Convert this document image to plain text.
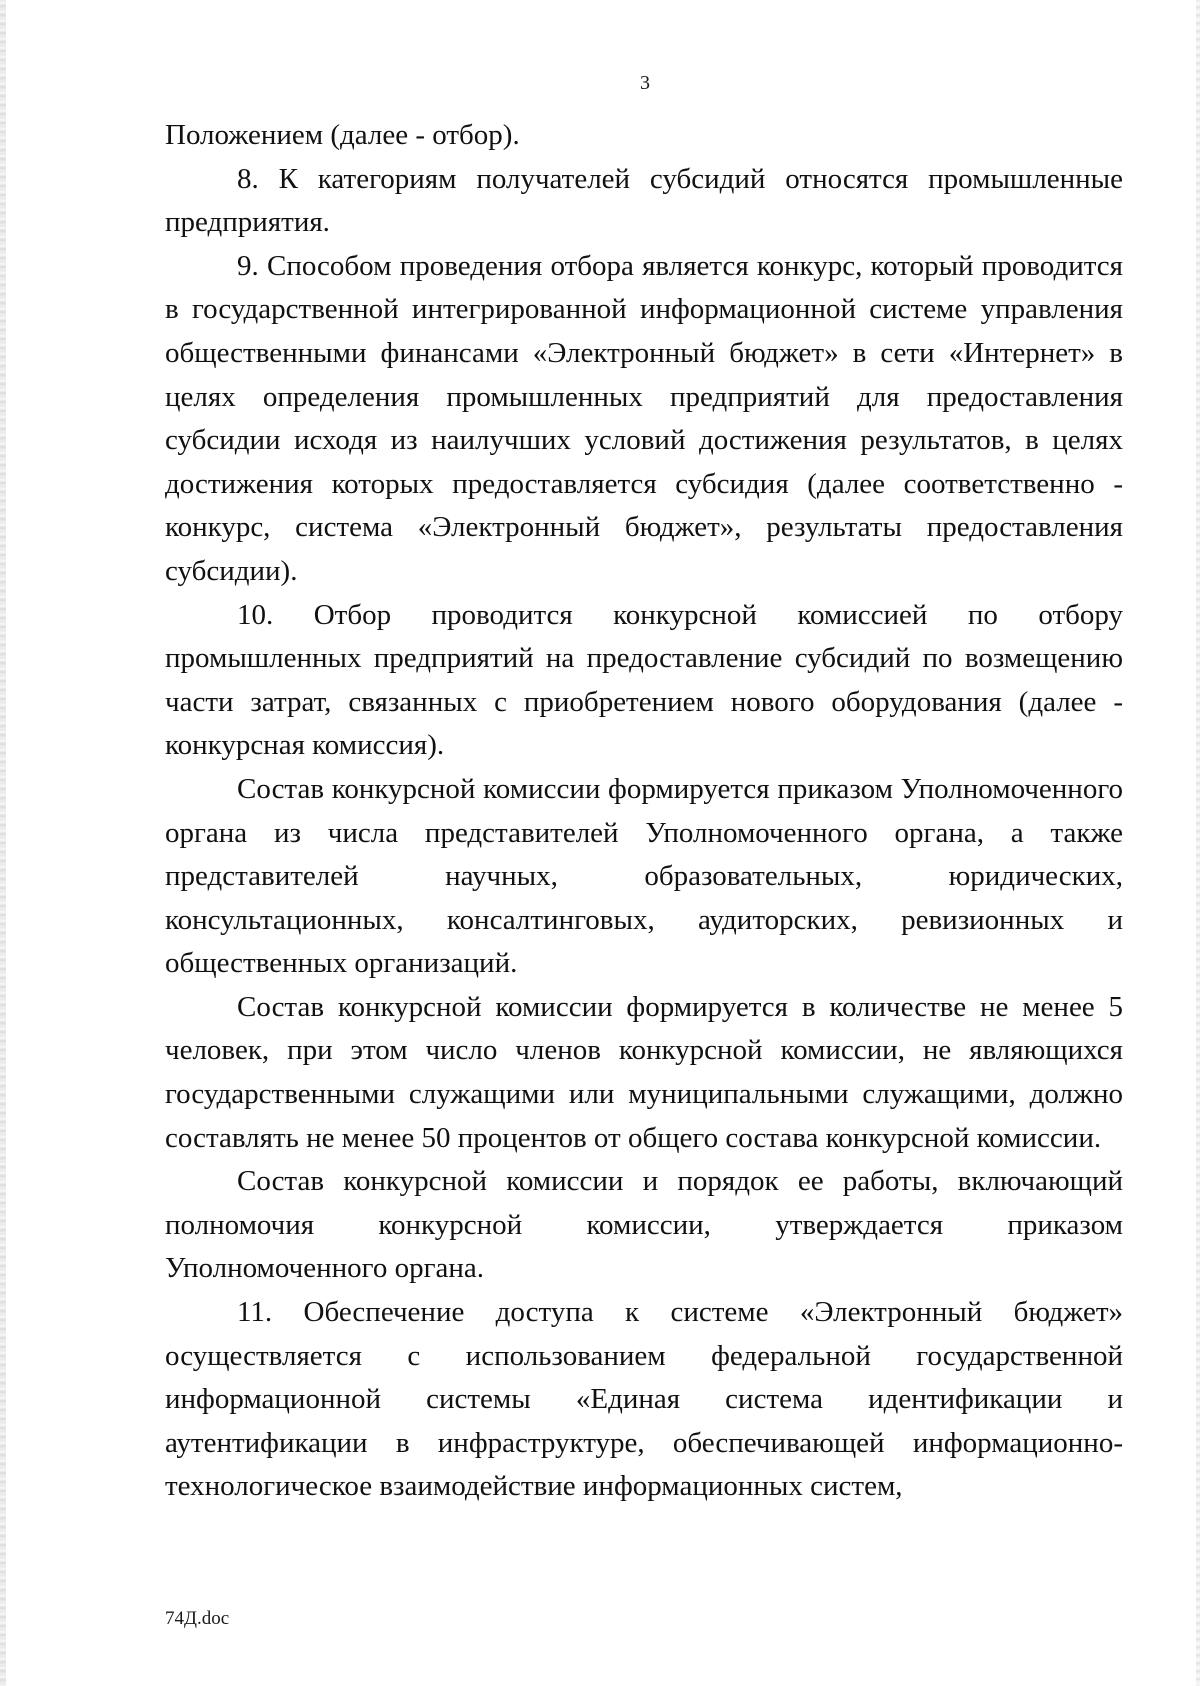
3

Положением (далее - отбор).

8. К категориям получателей субсидий относятся промышленные предприятия.

9. Способом проведения отбора является конкурс, который проводится в государственной интегрированной информационной системе управления общественными финансами «Электронный бюджет» в сети «Интернет» в целях определения промышленных предприятий для предоставления субсидии исходя из наилучших условий достижения результатов, в целях достижения которых предоставляется субсидия (далее соответственно - конкурс, система «Электронный бюджет», результаты предоставления субсидии).

10. Отбор проводится конкурсной комиссией по отбору промышленных предприятий на предоставление субсидий по возмещению части затрат, связанных с приобретением нового оборудования (далее - конкурсная комиссия).

Состав конкурсной комиссии формируется приказом Уполномоченного органа из числа представителей Уполномоченного органа, а также представителей научных, образовательных, юридических, консультационных, консалтинговых, аудиторских, ревизионных и общественных организаций.

Состав конкурсной комиссии формируется в количестве не менее 5 человек, при этом число членов конкурсной комиссии, не являющихся государственными служащими или муниципальными служащими, должно составлять не менее 50 процентов от общего состава конкурсной комиссии.

Состав конкурсной комиссии и порядок ее работы, включающий полномочия конкурсной комиссии, утверждается приказом Уполномоченного органа.

11. Обеспечение доступа к системе «Электронный бюджет» осуществляется с использованием федеральной государственной информационной системы «Единая система идентификации и аутентификации в инфраструктуре, обеспечивающей информационно-технологическое взаимодействие информационных систем,

74Д.doc
